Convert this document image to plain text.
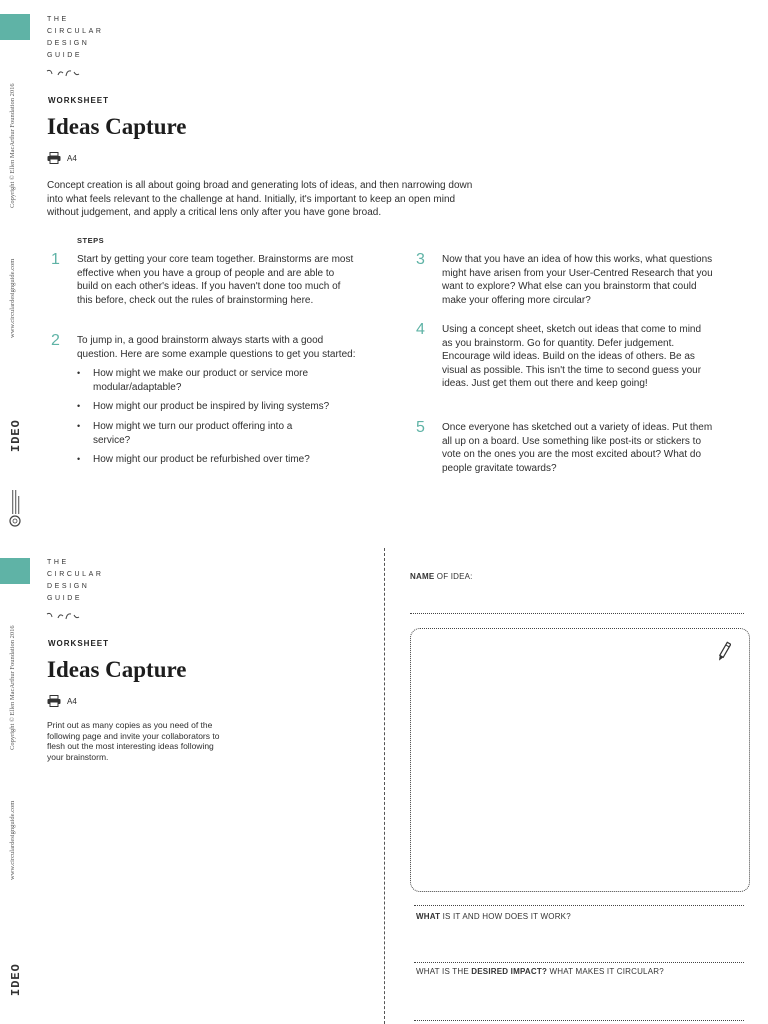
Copyright © Ellen MacArthur Foundation 2016
www.circulardesignguide.com
IDEO
THE
CIRCULAR
DESIGN
GUIDE
WORKSHEET
Ideas Capture
A4
Concept creation is all about going broad and generating lots of ideas, and then narrowing down into what feels relevant to the challenge at hand. Initially, it's important to keep an open mind without judgement, and apply a critical lens only after you have gone broad.
STEPS
1 Start by getting your core team together. Brainstorms are most effective when you have a group of people and are able to build on each other's ideas. If you haven't done too much of this before, check out the rules of brainstorming here.
2 To jump in, a good brainstorm always starts with a good question. Here are some example questions to get you started:
• How might we make our product or service more modular/adaptable?
• How might our product be inspired by living systems?
• How might we turn our product offering into a service?
• How might our product be refurbished over time?
3 Now that you have an idea of how this works, what questions might have arisen from your User-Centred Research that you want to explore? What else can you brainstorm that could make your offering more circular?
4 Using a concept sheet, sketch out ideas that come to mind as you brainstorm. Go for quantity. Defer judgement. Encourage wild ideas. Build on the ideas of others. Be as visual as possible. This isn't the time to second guess your ideas. Just get them out there and keep going!
5 Once everyone has sketched out a variety of ideas. Put them all up on a board. Use something like post-its or stickers to vote on the ones you are the most excited about? What do people gravitate towards?
Copyright © Ellen MacArthur Foundation 2016
www.circulardesignguide.com
IDEO
THE
CIRCULAR
DESIGN
GUIDE
WORKSHEET
Ideas Capture
A4
Print out as many copies as you need of the following page and invite your collaborators to flesh out the most interesting ideas following your brainstorm.
NAME OF IDEA:
WHAT IS IT AND HOW DOES IT WORK?
WHAT IS THE DESIRED IMPACT? WHAT MAKES IT CIRCULAR?
